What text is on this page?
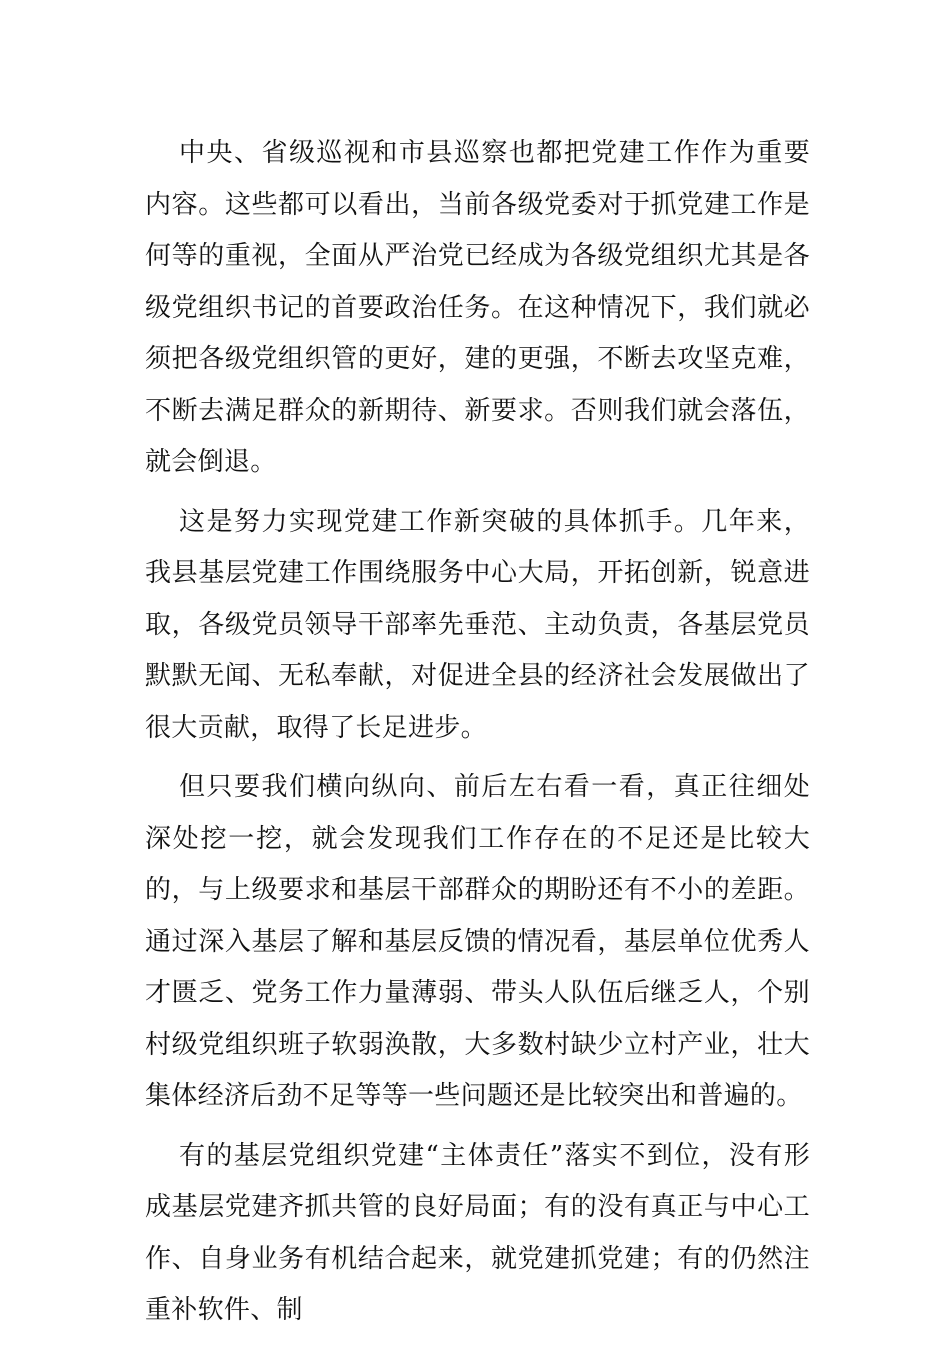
中央、省级巡视和市县巡察也都把党建工作作为重要内容。这些都可以看出，当前各级党委对于抓党建工作是何等的重视，全面从严治党已经成为各级党组织尤其是各级党组织书记的首要政治任务。在这种情况下，我们就必须把各级党组织管的更好，建的更强，不断去攻坚克难，不断去满足群众的新期待、新要求。否则我们就会落伍，就会倒退。

这是努力实现党建工作新突破的具体抓手。几年来，我县基层党建工作围绕服务中心大局，开拓创新，锐意进取，各级党员领导干部率先垂范、主动负责，各基层党员默默无闻、无私奉献，对促进全县的经济社会发展做出了很大贡献，取得了长足进步。

但只要我们横向纵向、前后左右看一看，真正往细处深处挖一挖，就会发现我们工作存在的不足还是比较大的，与上级要求和基层干部群众的期盼还有不小的差距。通过深入基层了解和基层反馈的情况看，基层单位优秀人才匮乏、党务工作力量薄弱、带头人队伍后继乏人，个别村级党组织班子软弱涣散，大多数村缺少立村产业，壮大集体经济后劲不足等等一些问题还是比较突出和普遍的。

有的基层党组织党建“主体责任”落实不到位，没有形成基层党建齐抓共管的良好局面；有的没有真正与中心工作、自身业务有机结合起来，就党建抓党建；有的仍然注重补软件、制
